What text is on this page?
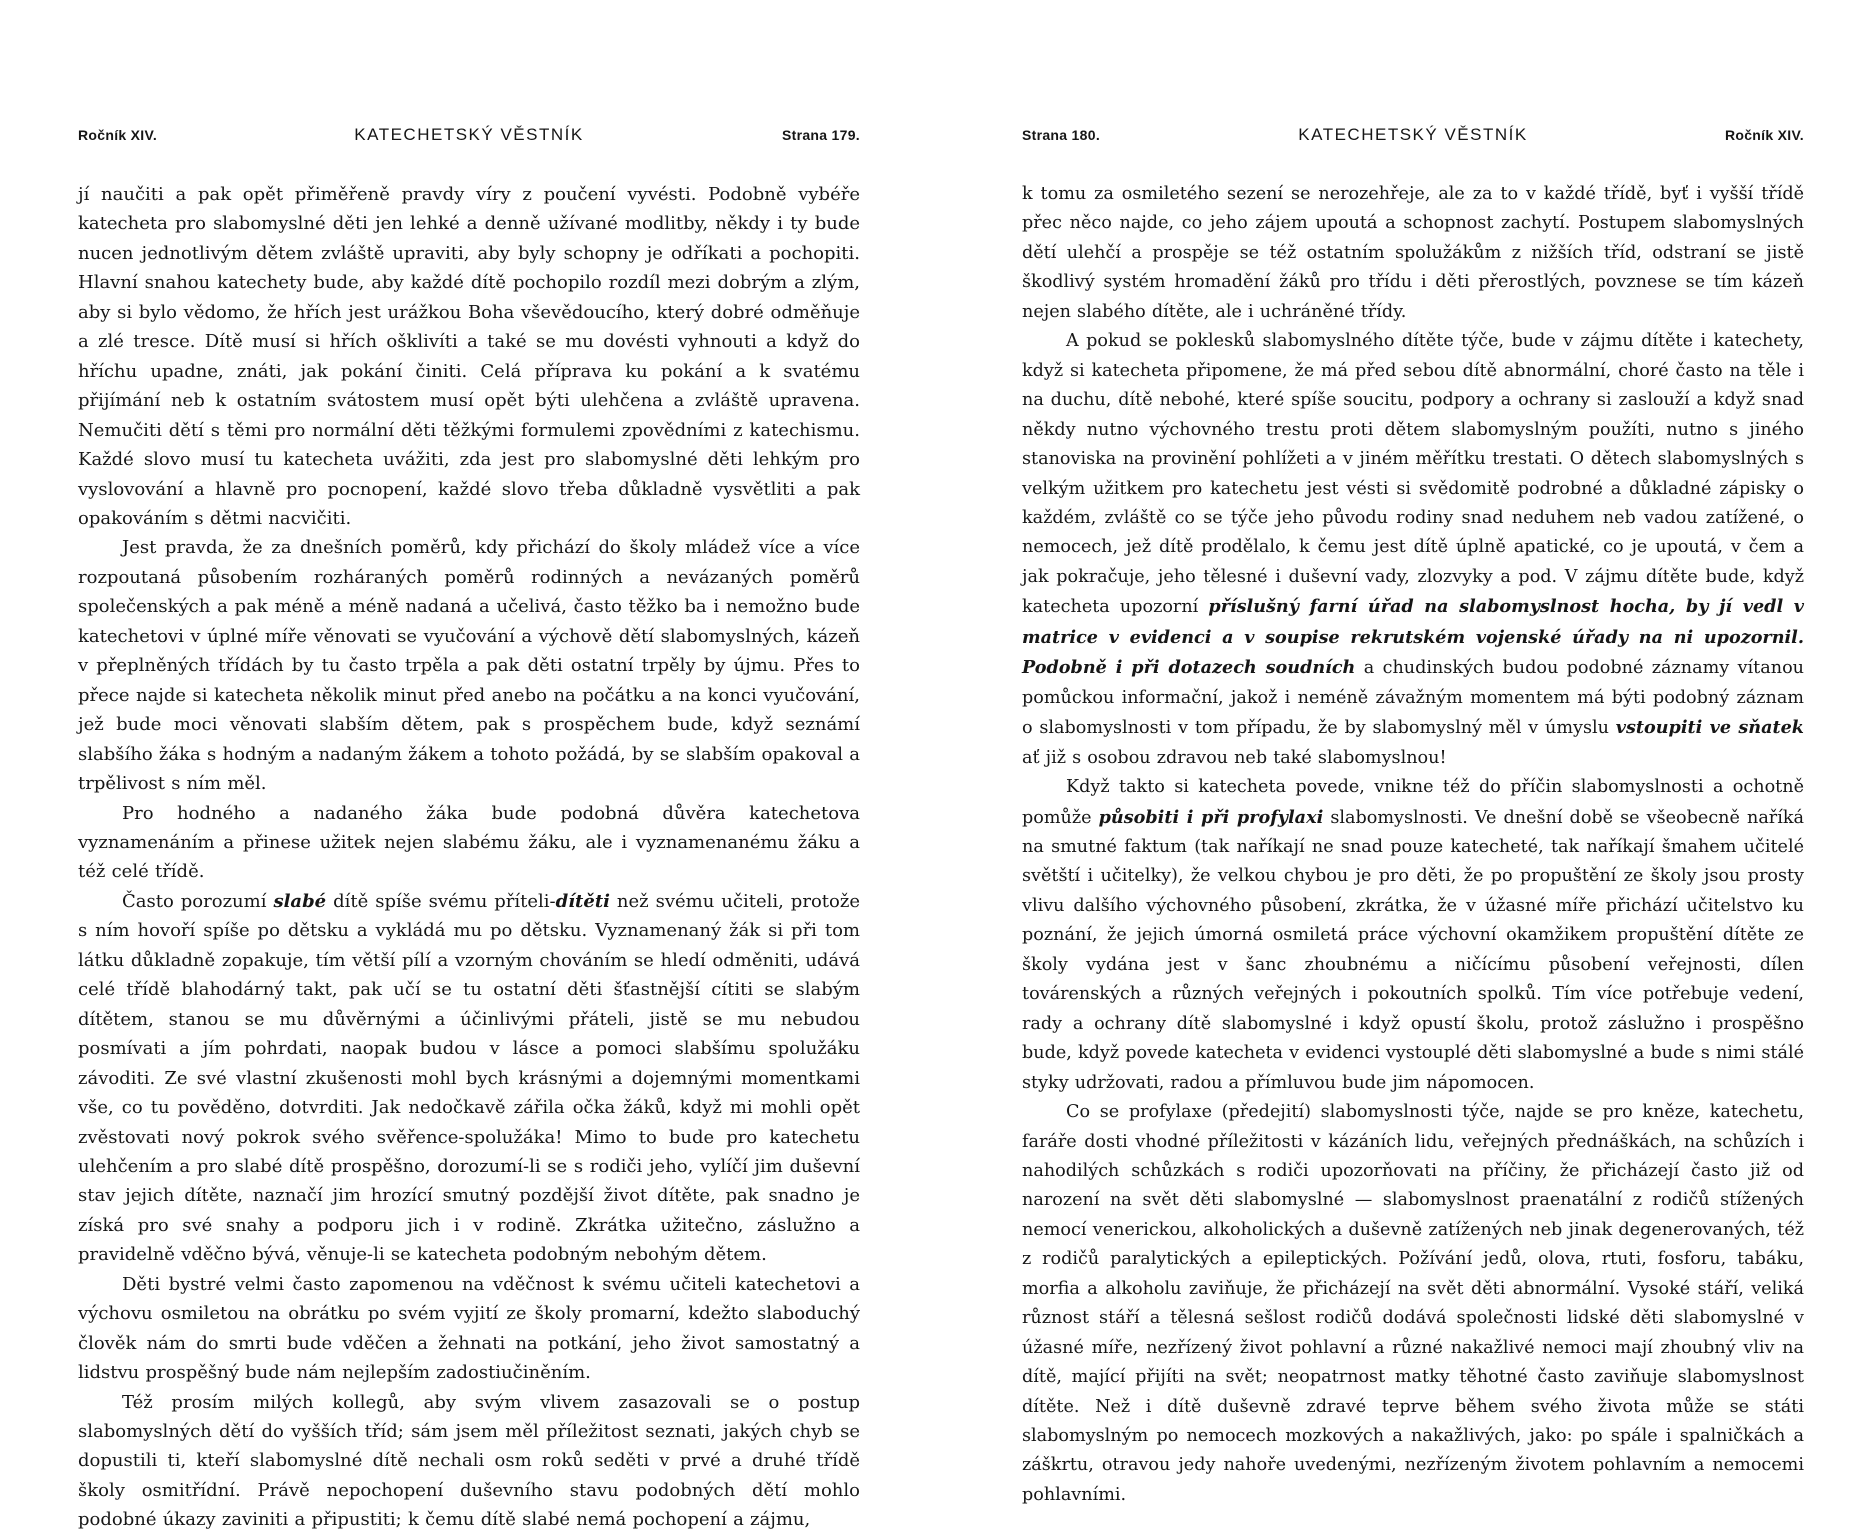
Ročník XIV.	KATECHETSKÝ VĚSTNÍK	Strana 179.

jí naučiti a pak opět přiměřeně pravdy víry z poučení vyvésti. Podobně vybéře katecheta pro slabomyslné děti jen lehké a denně užívané modlitby, někdy i ty bude nucen jednotlivým dětem zvláště upraviti, aby byly schopny je odříkati a pochopiti. Hlavní snahou katechety bude, aby každé dítě pochopilo rozdíl mezi dobrým a zlým, aby si bylo vědomo, že hřích jest urážkou Boha vševědoucího, který dobré odměňuje a zlé tresce. Dítě musí si hřích ošklivíti a také se mu dovésti vyhnouti a když do hříchu upadne, znáti, jak pokání činiti. Celá příprava ku pokání a k svatému přijímání neb k ostatním svátostem musí opět býti ulehčena a zvláště upravena. Nemučiti dětí s těmi pro normální děti těžkými formulemi zpovědními z katechismu. Každé slovo musí tu katecheta uvážiti, zda jest pro slabomyslné děti lehkým pro vyslovování a hlavně pro pocnopení, každé slovo třeba důkladně vysvětliti a pak opakováním s dětmi nacvičiti.

Jest pravda, že za dnešních poměrů, kdy přichází do školy mládež více a více rozpoutaná působením rozháraných poměrů rodinných a nevázaných poměrů společenských a pak méně a méně nadaná a učelivá, často těžko ba i nemožno bude katechetovi v úplné míře věnovati se vyučování a výchově dětí slabomyslných, kázeň v přeplněných třídách by tu často trpěla a pak děti ostatní trpěly by újmu. Přes to přece najde si katecheta několik minut před anebo na počátku a na konci vyučování, jež bude moci věnovati slabším dětem, pak s prospěchem bude, když seznámí slabšího žáka s hodným a nadaným žákem a tohoto požádá, by se slabším opakoval a trpělivost s ním měl.

Pro hodného a nadaného žáka bude podobná důvěra katechetova vyznamenáním a přinese užitek nejen slabému žáku, ale i vyznamenanému žáku a též celé třídě.

Často porozumí slabé dítě spíše svému příteli-dítěti než svému učiteli, protože s ním hovoří spíše po dětsku a vykládá mu po dětsku. Vyznamenaný žák si při tom látku důkladně zopakuje, tím větší pílí a vzorným chováním se hledí odměniti, udává celé třídě blahodárný takt, pak učí se tu ostatní děti šťastnější cítiti se slabým dítětem, stanou se mu důvěrnými a účinlivými přáteli, jistě se mu nebudou posmívati a jím pohrdati, naopak budou v lásce a pomoci slabšímu spolužáku závoditi. Ze své vlastní zkušenosti mohl bych krásnými a dojemnými momentkami vše, co tu pověděno, dotvrditi. Jak nedočkavě zářila očka žáků, když mi mohli opět zvěstovati nový pokrok svého svěřence-spolužáka! Mimo to bude pro katechetu ulehčením a pro slabé dítě prospěšno, dorozumí-li se s rodiči jeho, vylíčí jim duševní stav jejich dítěte, naznačí jim hrozící smutný pozdější život dítěte, pak snadno je získá pro své snahy a podporu jich i v rodině. Zkrátka užitečno, záslužno a pravidelně vděčno bývá, věnuje-li se katecheta podobným nebohým dětem.

Děti bystré velmi často zapomenou na vděčnost k svému učiteli katechetovi a výchovu osmiletou na obrátku po svém vyjití ze školy promarní, kdežto slaboduchý člověk nám do smrti bude vděčen a žehnati na potkání, jeho život samostatný a lidstvu prospěšný bude nám nejlepším zadostiučiněním.

Též prosím milých kollegů, aby svým vlivem zasazovali se o postup slabomyslných dětí do vyšších tříd; sám jsem měl příležitost seznati, jakých chyb se dopustili ti, kteří slabomyslné dítě nechali osm roků seděti v prvé a druhé třídě školy osmitřídní. Právě nepochopení duševního stavu podobných dětí mohlo podobné úkazy zaviniti a připustiti; k čemu dítě slabé nemá pochopení a zájmu,

Strana 180.	KATECHETSKÝ VĚSTNÍK	Ročník XIV.

k tomu za osmiletého sezení se nerozehřeje, ale za to v každé třídě, byť i vyšší třídě přec něco najde, co jeho zájem upoutá a schopnost zachytí. Postupem slabomyslných dětí ulehčí a prospěje se též ostatním spolužákům z nižších tříd, odstraní se jistě škodlivý systém hromadění žáků pro třídu i děti přerostlých, povznese se tím kázeň nejen slabého dítěte, ale i uchráněné třídy.

A pokud se poklesků slabomyslného dítěte týče, bude v zájmu dítěte i katechety, když si katecheta připomene, že má před sebou dítě abnormální, choré často na těle i na duchu, dítě nebohé, které spíše soucitu, podpory a ochrany si zaslouží a když snad někdy nutno výchovného trestu proti dětem slabomyslným použíti, nutno s jiného stanoviska na provinění pohlížeti a v jiném měřítku trestati. O dětech slabomyslných s velkým užitkem pro katechetu jest vésti si svědomitě podrobné a důkladné zápisky o každém, zvláště co se týče jeho původu rodiny snad neduhem neb vadou zatížené, o nemocech, jež dítě prodělalo, k čemu jest dítě úplně apatické, co je upoutá, v čem a jak pokračuje, jeho tělesné i duševní vady, zlozvyky a pod. V zájmu dítěte bude, když katecheta upozorní příslušný farní úřad na slabomyslnost hocha, by jí vedl v matrice v evidenci a v soupise rekrutském vojenské úřady na ni upozornil. Podobně i při dotazech soudních a chudinských budou podobné záznamy vítanou pomůckou informační, jakož i neméně závažným momentem má býti podobný záznam o slabomyslnosti v tom případu, že by slabomyslný měl v úmyslu vstoupiti ve sňatek ať již s osobou zdravou neb také slabomyslnou!

Když takto si katecheta povede, vnikne též do příčin slabomyslnosti a ochotně pomůže působiti i při profylaxi slabomyslnosti. Ve dnešní době se všeobecně naříká na smutné faktum (tak naříkají ne snad pouze katecheté, tak naříkají šmahem učitelé světští i učitelky), že velkou chybou je pro děti, že po propuštění ze školy jsou prosty vlivu dalšího výchovného působení, zkrátka, že v úžasné míře přichází učitelstvo ku poznání, že jejich úmorná osmiletá práce výchovní okamžikem propuštění dítěte ze školy vydána jest v šanc zhoubnému a ničícímu působení veřejnosti, dílen továrenských a různých veřejných i pokoutních spolků. Tím více potřebuje vedení, rady a ochrany dítě slabomyslné i když opustí školu, protož záslužno i prospěšno bude, když povede katecheta v evidenci vystouplé děti slabomyslné a bude s nimi stálé styky udržovati, radou a přímluvou bude jim nápomocen.

Co se profylaxe (předejití) slabomyslnosti týče, najde se pro kněze, katechetu, faráře dosti vhodné příležitosti v kázáních lidu, veřejných přednáškách, na schůzích i nahodilých schůzkách s rodiči upozorňovati na příčiny, že přicházejí často již od narození na svět děti slabomyslné — slabomyslnost praenatální z rodičů stížených nemocí venerickou, alkoholických a duševně zatížených neb jinak degenerovaných, též z rodičů paralytických a epileptických. Požívání jedů, olova, rtuti, fosforu, tabáku, morfia a alkoholu zaviňuje, že přicházejí na svět děti abnormální. Vysoké stáří, veliká různost stáří a tělesná sešlost rodičů dodává společnosti lidské děti slabomyslné v úžasné míře, nezřízený život pohlavní a různé nakažlivé nemoci mají zhoubný vliv na dítě, mající přijíti na svět; neopatrnost matky těhotné často zaviňuje slabomyslnost dítěte. Než i dítě duševně zdravé teprve během svého života může se státi slabomyslným po nemocech mozkových a nakažlivých, jako: po spále i spalničkách a záškrtu, otravou jedy nahoře uvedenými, nezřízeným životem pohlavním a nemocemi pohlavními.
